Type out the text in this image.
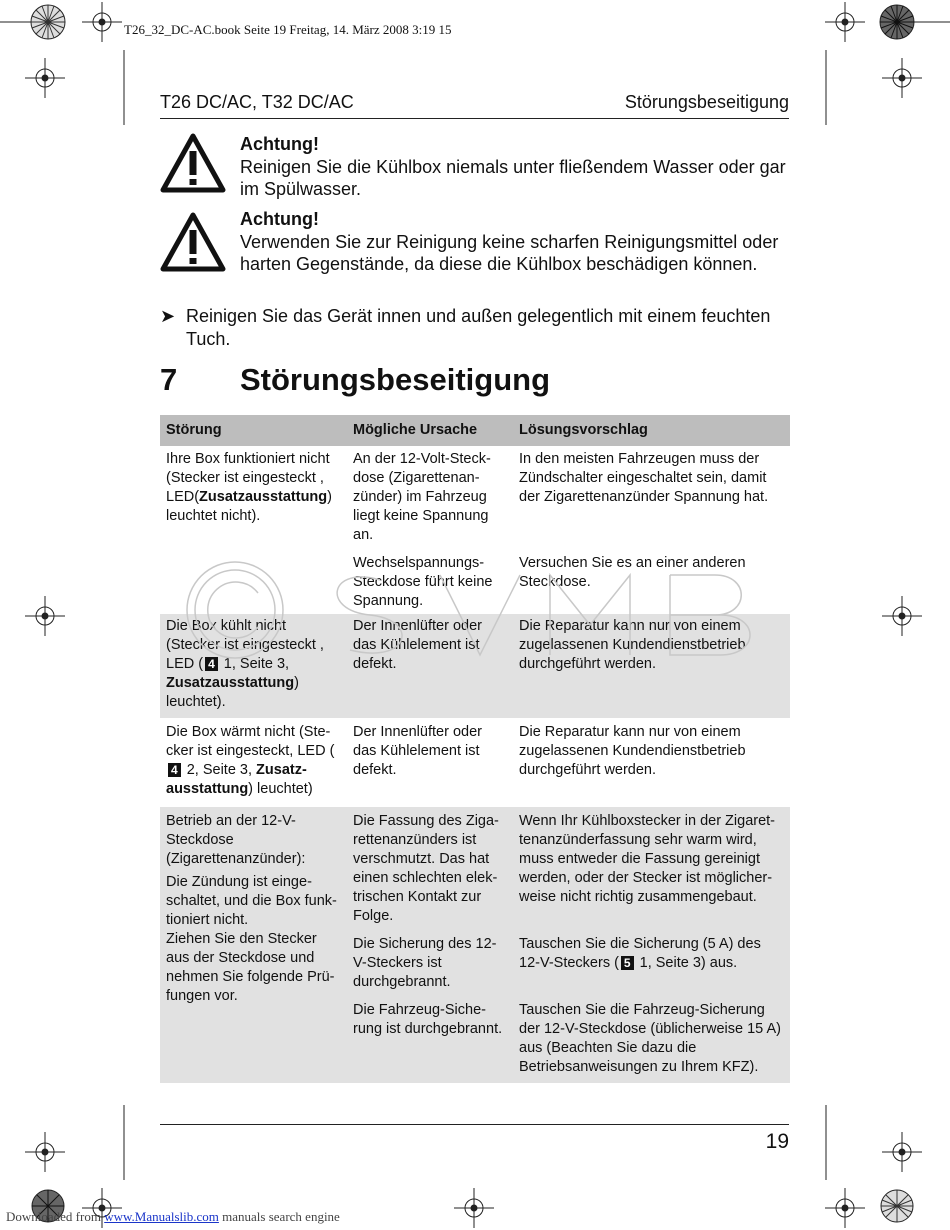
T26_32_DC-AC.book Seite 19 Freitag, 14. März 2008 3:19 15
T26 DC/AC, T32 DC/AC	Störungsbeseitigung
Achtung!
Reinigen Sie die Kühlbox niemals unter fließendem Wasser oder gar im Spülwasser.
Achtung!
Verwenden Sie zur Reinigung keine scharfen Reinigungsmittel oder harten Gegenstände, da diese die Kühlbox beschädigen können.
➤ Reinigen Sie das Gerät innen und außen gelegentlich mit einem feuchten Tuch.
7 Störungsbeseitigung
Störung	Mögliche Ursache	Lösungsvorschlag
Ihre Box funktioniert nicht (Stecker ist eingesteckt , LED(Zusatzausstattung) leuchtet nicht).	An der 12-Volt-Steck-dose (Zigarettenan-zünder) im Fahrzeug liegt keine Spannung an.	In den meisten Fahrzeugen muss der Zündschalter eingeschaltet sein, damit der Zigarettenanzünder Spannung hat.
	Wechselspannungs-Steckdose führt keine Spannung.	Versuchen Sie es an einer anderen Steckdose.
Die Box kühlt nicht (Stecker ist eingesteckt , LED ( 4 1, Seite 3,
Zusatzausstattung) leuchtet).	Der Innenlüfter oder das Kühlelement ist defekt.	Die Reparatur kann nur von einem zugelassenen Kundendienstbetrieb durchgeführt werden.
Die Box wärmt nicht (Ste-cker ist eingesteckt, LED (4 2, Seite 3, Zusatz-ausstattung) leuchtet)	Der Innenlüfter oder das Kühlelement ist defekt.	Die Reparatur kann nur von einem zugelassenen Kundendienstbetrieb durchgeführt werden.
Betrieb an der 12-V-Steckdose (Zigarettenanzünder):
Die Zündung ist einge-schaltet, und die Box funk-tioniert nicht.
Ziehen Sie den Stecker aus der Steckdose und nehmen Sie folgende Prü-fungen vor.	Die Fassung des Ziga-rettenanzünders ist verschmutzt. Das hat einen schlechten elek-trischen Kontakt zur Folge.	Wenn Ihr Kühlboxstecker in der Zigaret-tenanzünderfassung sehr warm wird, muss entweder die Fassung gereinigt werden, oder der Stecker ist möglicher-weise nicht richtig zusammengebaut.
	Die Sicherung des 12-V-Steckers ist durchgebrannt.	Tauschen Sie die Sicherung (5 A) des 12-V-Steckers ( 5 1, Seite 3) aus.
	Die Fahrzeug-Siche-rung ist durchgebrannt.	Tauschen Sie die Fahrzeug-Sicherung der 12-V-Steckdose (üblicherweise 15 A) aus (Beachten Sie dazu die Betriebsanweisungen zu Ihrem KFZ).
19
Downloaded from www.Manualslib.com manuals search engine
